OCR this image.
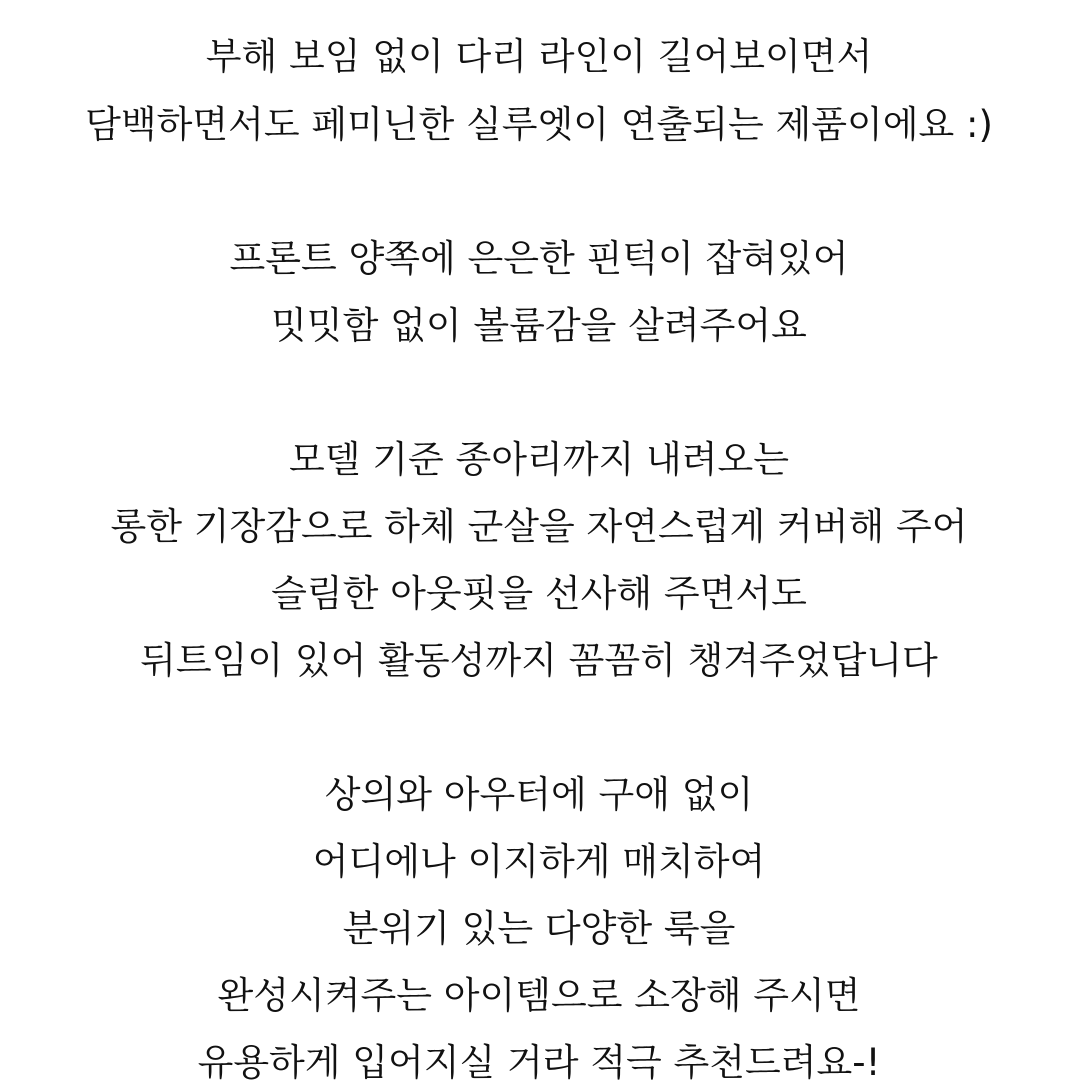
부해 보임 없이 다리 라인이 길어보이면서
담백하면서도 페미닌한 실루엣이 연출되는 제품이에요 :)
프론트 양쪽에 은은한 핀턱이 잡혀있어
밋밋함 없이 볼륨감을 살려주어요
모델 기준 종아리까지 내려오는
롱한 기장감으로 하체 군살을 자연스럽게 커버해 주어
슬림한 아웃핏을 선사해 주면서도
뒤트임이 있어 활동성까지 꼼꼼히 챙겨주었답니다
상의와 아우터에 구애 없이
어디에나 이지하게 매치하여
분위기 있는 다양한 룩을
완성시켜주는 아이템으로 소장해 주시면
유용하게 입어지실 거라 적극 추천드려요-!
